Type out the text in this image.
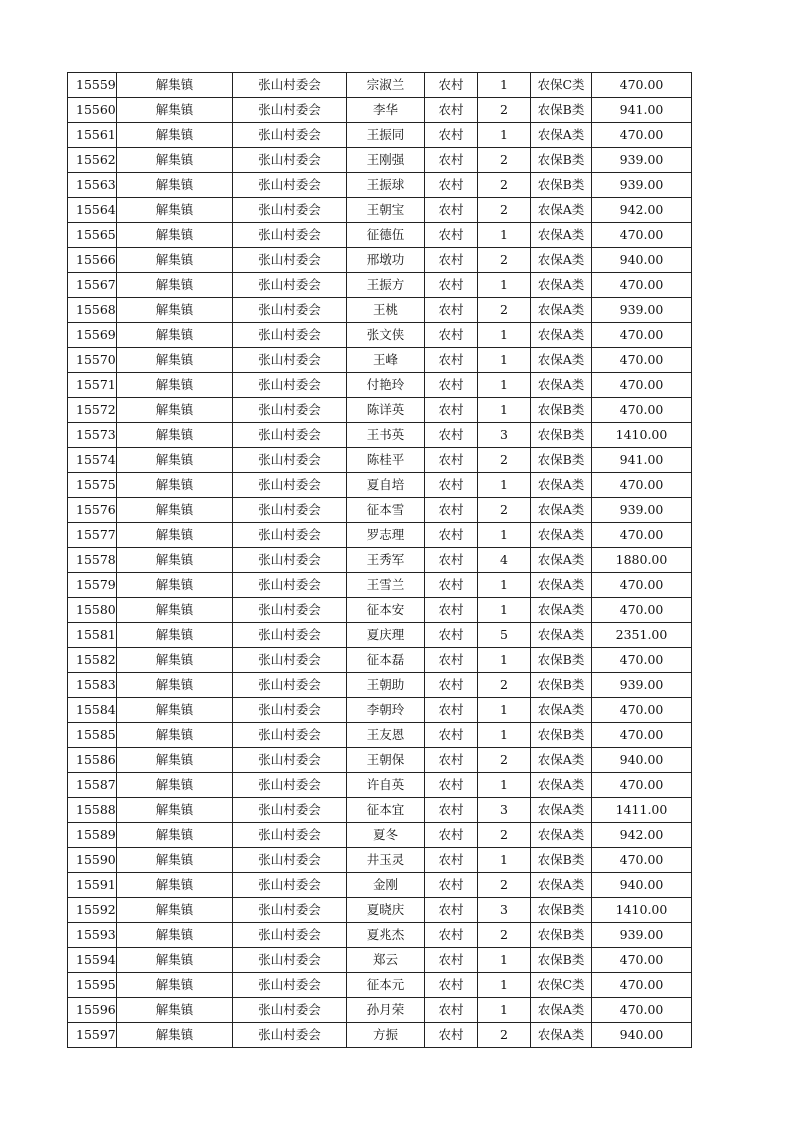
15559	解集镇	张山村委会	宗淑兰	农村	1	农保C类	470.00
15560	解集镇	张山村委会	李华	农村	2	农保B类	941.00
15561	解集镇	张山村委会	王振同	农村	1	农保A类	470.00
15562	解集镇	张山村委会	王刚强	农村	2	农保B类	939.00
15563	解集镇	张山村委会	王振球	农村	2	农保B类	939.00
15564	解集镇	张山村委会	王朝宝	农村	2	农保A类	942.00
15565	解集镇	张山村委会	征德伍	农村	1	农保A类	470.00
15566	解集镇	张山村委会	邢墩功	农村	2	农保A类	940.00
15567	解集镇	张山村委会	王振方	农村	1	农保A类	470.00
15568	解集镇	张山村委会	王桃	农村	2	农保A类	939.00
15569	解集镇	张山村委会	张文侠	农村	1	农保A类	470.00
15570	解集镇	张山村委会	王峰	农村	1	农保A类	470.00
15571	解集镇	张山村委会	付艳玲	农村	1	农保A类	470.00
15572	解集镇	张山村委会	陈详英	农村	1	农保B类	470.00
15573	解集镇	张山村委会	王书英	农村	3	农保B类	1410.00
15574	解集镇	张山村委会	陈桂平	农村	2	农保B类	941.00
15575	解集镇	张山村委会	夏自培	农村	1	农保A类	470.00
15576	解集镇	张山村委会	征本雪	农村	2	农保A类	939.00
15577	解集镇	张山村委会	罗志理	农村	1	农保A类	470.00
15578	解集镇	张山村委会	王秀军	农村	4	农保A类	1880.00
15579	解集镇	张山村委会	王雪兰	农村	1	农保A类	470.00
15580	解集镇	张山村委会	征本安	农村	1	农保A类	470.00
15581	解集镇	张山村委会	夏庆理	农村	5	农保A类	2351.00
15582	解集镇	张山村委会	征本磊	农村	1	农保B类	470.00
15583	解集镇	张山村委会	王朝助	农村	2	农保B类	939.00
15584	解集镇	张山村委会	李朝玲	农村	1	农保A类	470.00
15585	解集镇	张山村委会	王友恩	农村	1	农保B类	470.00
15586	解集镇	张山村委会	王朝保	农村	2	农保A类	940.00
15587	解集镇	张山村委会	许自英	农村	1	农保A类	470.00
15588	解集镇	张山村委会	征本宜	农村	3	农保A类	1411.00
15589	解集镇	张山村委会	夏冬	农村	2	农保A类	942.00
15590	解集镇	张山村委会	井玉灵	农村	1	农保B类	470.00
15591	解集镇	张山村委会	金刚	农村	2	农保A类	940.00
15592	解集镇	张山村委会	夏晓庆	农村	3	农保B类	1410.00
15593	解集镇	张山村委会	夏兆杰	农村	2	农保B类	939.00
15594	解集镇	张山村委会	郑云	农村	1	农保B类	470.00
15595	解集镇	张山村委会	征本元	农村	1	农保C类	470.00
15596	解集镇	张山村委会	孙月荣	农村	1	农保A类	470.00
15597	解集镇	张山村委会	方振	农村	2	农保A类	940.00
